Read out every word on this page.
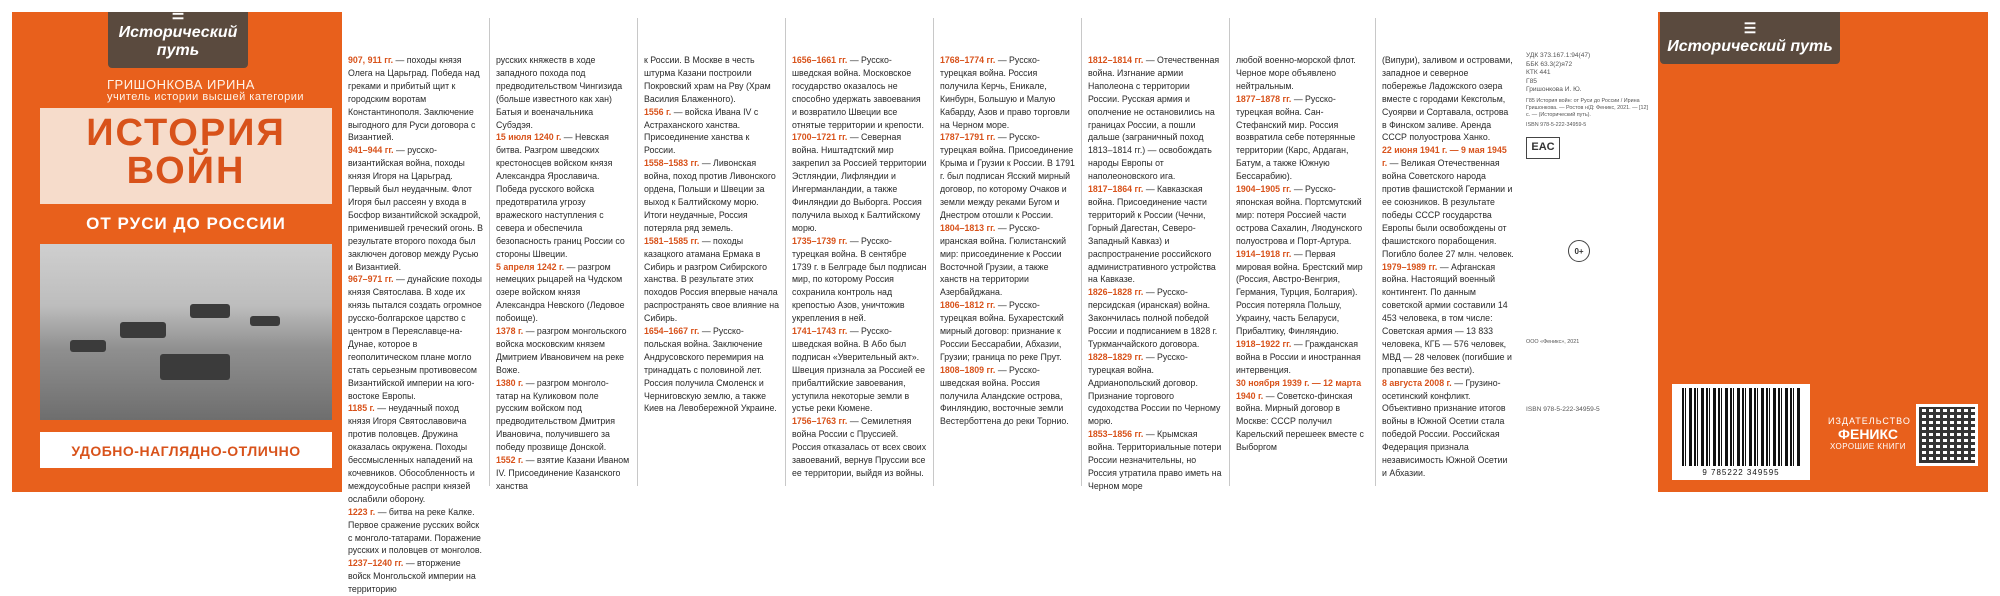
☰
Исторический путь
ГРИШОНКОВА ИРИНА
учитель истории высшей категории
ИСТОРИЯ
ВОЙН
ОТ РУСИ ДО РОССИИ
УДОБНО-НАГЛЯДНО-ОТЛИЧНО

907, 911 гг. — походы князя Олега на Царьград. Победа над греками и прибитый щит к городским воротам Константинополя. Заключение выгодного для Руси договора с Византией.

941–944 гг. — русско-византийская война, походы князя Игоря на Царьград. Первый был неудачным. Флот Игоря был рассеян у входа в Босфор византийской эскадрой, применившей греческий огонь. В результате второго похода был заключен договор между Русью и Византией.

967–971 гг. — дунайские походы князя Святослава. В ходе их князь пытался создать огромное русско-болгарское царство с центром в Переяславце-на-Дунае, которое в геополитическом плане могло стать серьезным противовесом Византийской империи на юго-востоке Европы.

1185 г. — неудачный поход князя Игоря Святославовича против половцев. Дружина оказалась окружена. Походы бессмысленных нападений на кочевников. Обособленность и междоусобные распри князей ослабили оборону.

1223 г. — битва на реке Калке. Первое сражение русских войск с монголо-татарами. Поражение русских и половцев от монголов.

1237–1240 гг. — вторжение войск Монгольской империи на территорию

русских княжеств в ходе западного похода под предводительством Чингизида (больше известного как хан) Батыя и военачальника Субэдэя.

15 июля 1240 г. — Невская битва. Разгром шведских крестоносцев войском князя Александра Ярославича. Победа русского войска предотвратила угрозу вражеского наступления с севера и обеспечила безопасность границ России со стороны Швеции.

5 апреля 1242 г. — разгром немецких рыцарей на Чудском озере войском князя Александра Невского (Ледовое побоище).

1378 г. — разгром монгольского войска московским князем Дмитрием Ивановичем на реке Воже.

1380 г. — разгром монголо-татар на Куликовом поле русским войском под предводительством Дмитрия Ивановича, получившего за победу прозвище Донской.

1552 г. — взятие Казани Иваном IV. Присоединение Казанского ханства

к России. В Москве в честь штурма Казани построили Покровский храм на Рву (Храм Василия Блаженного).

1556 г. — войска Ивана IV с Астраханского ханства. Присоединение ханства к России.

1558–1583 гг. — Ливонская война, поход против Ливонского ордена, Польши и Швеции за выход к Балтийскому морю. Итоги неудачные, Россия потеряла ряд земель.

1581–1585 гг. — походы казацкого атамана Ермака в Сибирь и разгром Сибирского ханства. В результате этих походов Россия впервые начала распространять свое влияние на Сибирь.

1654–1667 гг. — Русско-польская война. Заключение Андрусовского перемирия на тринадцать с половиной лет. Россия получила Смоленск и Черниговскую землю, а также Киев на Левобережной Украине.

1656–1661 гг. — Русско-шведская война. Московское государство оказалось не способно удержать завоевания и возвратило Швеции все отнятые территории и крепости.

1700–1721 гг. — Северная война. Ништадтский мир закрепил за Россией территории Эстляндии, Лифляндии и Ингерманландии, а также Финляндии до Выборга. Россия получила выход к Балтийскому морю.

1735–1739 гг. — Русско-турецкая война. В сентябре 1739 г. в Белграде был подписан мир, по которому Россия сохранила контроль над крепостью Азов, уничтожив укрепления в ней.

1741–1743 гг. — Русско-шведская война. В Або был подписан «Уверительный акт». Швеция признала за Россией ее прибалтийские завоевания, уступила некоторые земли в устье реки Кюмене.

1756–1763 гг. — Семилетняя война России с Пруссией. Россия отказалась от всех своих завоеваний, вернув Пруссии все ее территории, выйдя из войны.

1768–1774 гг. — Русско-турецкая война. Россия получила Керчь, Еникале, Кинбурн, Большую и Малую Кабарду, Азов и право торговли на Черном море.

1787–1791 гг. — Русско-турецкая война. Присоединение Крыма и Грузии к России. В 1791 г. был подписан Ясский мирный договор, по которому Очаков и земли между реками Бугом и Днестром отошли к России.

1804–1813 гг. — Русско-иранская война. Гюлистанский мир: присоединение к России Восточной Грузии, а также ханств на территории Азербайджана.

1806–1812 гг. — Русско-турецкая война. Бухарестский мирный договор: признание к России Бессарабии, Абхазии, Грузии; граница по реке Прут.

1808–1809 гг. — Русско-шведская война. Россия получила Аландские острова, Финляндию, восточные земли Вестерботтена до реки Торнио.

1812–1814 гг. — Отечественная война. Изгнание армии Наполеона с территории России. Русская армия и ополчение не остановились на границах России, а пошли дальше (заграничный поход 1813–1814 гг.) — освобождать народы Европы от наполеоновского ига.

1817–1864 гг. — Кавказская война. Присоединение части территорий к России (Чечни, Горный Дагестан, Северо-Западный Кавказ) и распространение российского административного устройства на Кавказе.

1826–1828 гг. — Русско-персидская (иранская) война. Закончилась полной победой России и подписанием в 1828 г. Туркманчайского договора.

1828–1829 гг. — Русско-турецкая война. Адрианопольский договор. Признание торгового судоходства России по Черному морю.

1853–1856 гг. — Крымская война. Территориальные потери России незначительны, но Россия утратила право иметь на Черном море

любой военно-морской флот. Черное море объявлено нейтральным.

1877–1878 гг. — Русско-турецкая война. Сан-Стефанский мир. Россия возвратила себе потерянные территории (Карс, Ардаган, Батум, а также Южную Бессарабию).

1904–1905 гг. — Русско-японская война. Портсмутский мир: потеря Россией части острова Сахалин, Ляодунского полуострова и Порт-Артура.

1914–1918 гг. — Первая мировая война. Брестский мир (Россия, Австро-Венгрия, Германия, Турция, Болгария). Россия потеряла Польшу, Украину, часть Беларуси, Прибалтику, Финляндию.

1918–1922 гг. — Гражданская война в России и иностранная интервенция.

30 ноября 1939 г. — 12 марта 1940 г. — Советско-финская война. Мирный договор в Москве: СССР получил Карельский перешеек вместе с Выборгом

(Випури), заливом и островами, западное и северное побережье Ладожского озера вместе с городами Кексгольм, Суоярви и Сортавала, острова в Финском заливе. Аренда СССР полуострова Ханко.

22 июня 1941 г. — 9 мая 1945 г. — Великая Отечественная война Советского народа против фашистской Германии и ее союзников. В результате победы СССР государства Европы были освобождены от фашистского порабощения. Погибло более 27 млн. человек.

1979–1989 гг. — Афганская война. Настоящий военный контингент. По данным советской армии составили 14 453 человека, в том числе: Советская армия — 13 833 человека, КГБ — 576 человек, МВД — 28 человек (погибшие и пропавшие без вести).

8 августа 2008 г. — Грузино-осетинский конфликт. Объективно признание итогов войны в Южной Осетии стала победой России. Российская Федерация признала независимость Южной Осетии и Абхазии.

УДК 373.167.1:94(47)
ББК 63.3(2)я72
КТК 441
Г85
Гришонкова И. Ю.
Г85 История войн: от Руси до России / Ирина Гришонкова. — Ростов н/Д: Феникс, 2021. — [12] с. — (Исторический путь).
ISBN 978-5-222-34959-5
EAC
0+
ООО «Феникс», 2021
ISBN 978-5-222-34959-5
☰
Исторический путь
9 785222 349595
ИЗДАТЕЛЬСТВО
ФЕНИКС
ХОРОШИЕ КНИГИ
